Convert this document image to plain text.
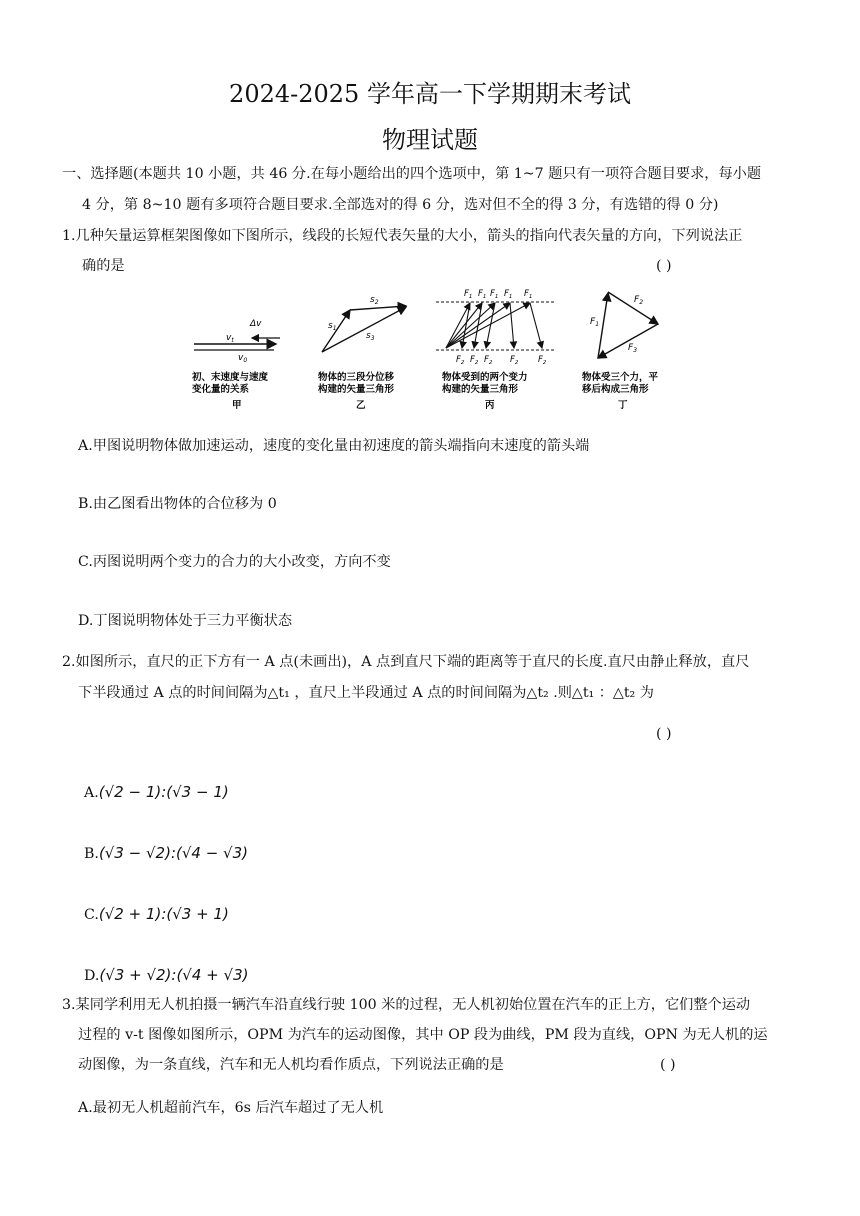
2024-2025 学年高一下学期期末考试
物理试题
一、选择题(本题共 10 小题，共 46 分.在每小题给出的四个选项中，第 1~7 题只有一项符合题目要求，每小题
4 分，第 8~10 题有多项符合题目要求.全部选对的得 6 分，选对但不全的得 3 分，有选错的得 0 分)
1.几种矢量运算框架图像如下图所示，线段的长短代表矢量的大小，箭头的指向代表矢量的方向，下列说法正
确的是	( )
$v_t$
$v_0$
Δv
初、末速度与速度
变化量的关系
甲
$s_1$
$s_2$
$s_3$
物体的三段分位移
构建的矢量三角形
乙
$F_1$ $F_1$ $F_1$ $F_1$ $F_1$
$F_2$ $F_2$ $F_2$ $F_2$ $F_2$
物体受到的两个变力
构建的矢量三角形
丙
$F_1$
$F_2$
$F_3$
物体受三个力，平
移后构成三角形
丁
A.甲图说明物体做加速运动，速度的变化量由初速度的箭头端指向末速度的箭头端
B.由乙图看出物体的合位移为 0
C.丙图说明两个变力的合力的大小改变，方向不变
D.丁图说明物体处于三力平衡状态
2.如图所示，直尺的正下方有一 A 点(未画出)，A 点到直尺下端的距离等于直尺的长度.直尺由静止释放，直尺
下半段通过 A 点的时间间隔为△t₁ ，直尺上半段通过 A 点的时间间隔为△t₂ .则△t₁ ：△t₂ 为
( )
A.(√2 − 1):(√3 − 1)
B.(√3 − √2):(√4 − √3)
C.(√2 + 1):(√3 + 1)
D.(√3 + √2):(√4 + √3)
3.某同学利用无人机拍摄一辆汽车沿直线行驶 100 米的过程，无人机初始位置在汽车的正上方，它们整个运动
过程的 v-t 图像如图所示，OPM 为汽车的运动图像，其中 OP 段为曲线，PM 段为直线，OPN 为无人机的运
动图像，为一条直线，汽车和无人机均看作质点，下列说法正确的是	( )
A.最初无人机超前汽车，6s 后汽车超过了无人机
